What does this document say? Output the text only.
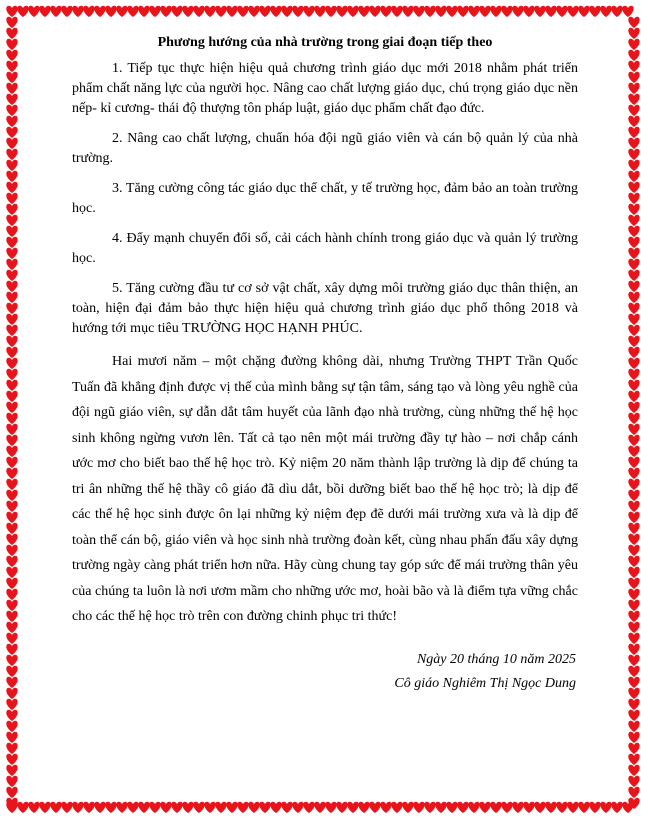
Phương hướng của nhà trường trong giai đoạn tiếp theo

1. Tiếp tục thực hiện hiệu quả chương trình giáo dục mới 2018 nhằm phát triển phẩm chất năng lực của người học. Nâng cao chất lượng giáo dục, chú trọng giáo dục nền nếp- kỉ cương- thái độ thượng tôn pháp luật, giáo dục phẩm chất đạo đức.

2. Nâng cao chất lượng, chuẩn hóa đội ngũ giáo viên và cán bộ quản lý của nhà trường.

3. Tăng cường công tác giáo dục thể chất, y tế trường học, đảm bảo an toàn trường học.

4. Đẩy mạnh chuyển đổi số, cải cách hành chính trong giáo dục và quản lý trường học.

5. Tăng cường đầu tư cơ sở vật chất, xây dựng môi trường giáo dục thân thiện, an toàn, hiện đại đảm bảo thực hiện hiệu quả chương trình giáo dục phổ thông 2018 và hướng tới mục tiêu TRƯỜNG HỌC HẠNH PHÚC.

Hai mươi năm – một chặng đường không dài, nhưng Trường THPT Trần Quốc Tuấn đã khẳng định được vị thế của mình bằng sự tận tâm, sáng tạo và lòng yêu nghề của đội ngũ giáo viên, sự dẫn dắt tâm huyết của lãnh đạo nhà trường, cùng những thế hệ học sinh không ngừng vươn lên. Tất cả tạo nên một mái trường đầy tự hào – nơi chắp cánh ước mơ cho biết bao thế hệ học trò. Kỷ niệm 20 năm thành lập trường là dịp để chúng ta tri ân những thế hệ thầy cô giáo đã dìu dắt, bồi dưỡng biết bao thế hệ học trò; là dịp để các thế hệ học sinh được ôn lại những kỷ niệm đẹp đẽ dưới mái trường xưa và là dịp để toàn thể cán bộ, giáo viên và học sinh nhà trường đoàn kết, cùng nhau phấn đấu xây dựng trường ngày càng phát triển hơn nữa. Hãy cùng chung tay góp sức để mái trường thân yêu của chúng ta luôn là nơi ươm mầm cho những ước mơ, hoài bão và là điểm tựa vững chắc cho các thế hệ học trò trên con đường chinh phục tri thức!

Ngày 20 tháng 10 năm 2025
Cô giáo Nghiêm Thị Ngọc Dung
